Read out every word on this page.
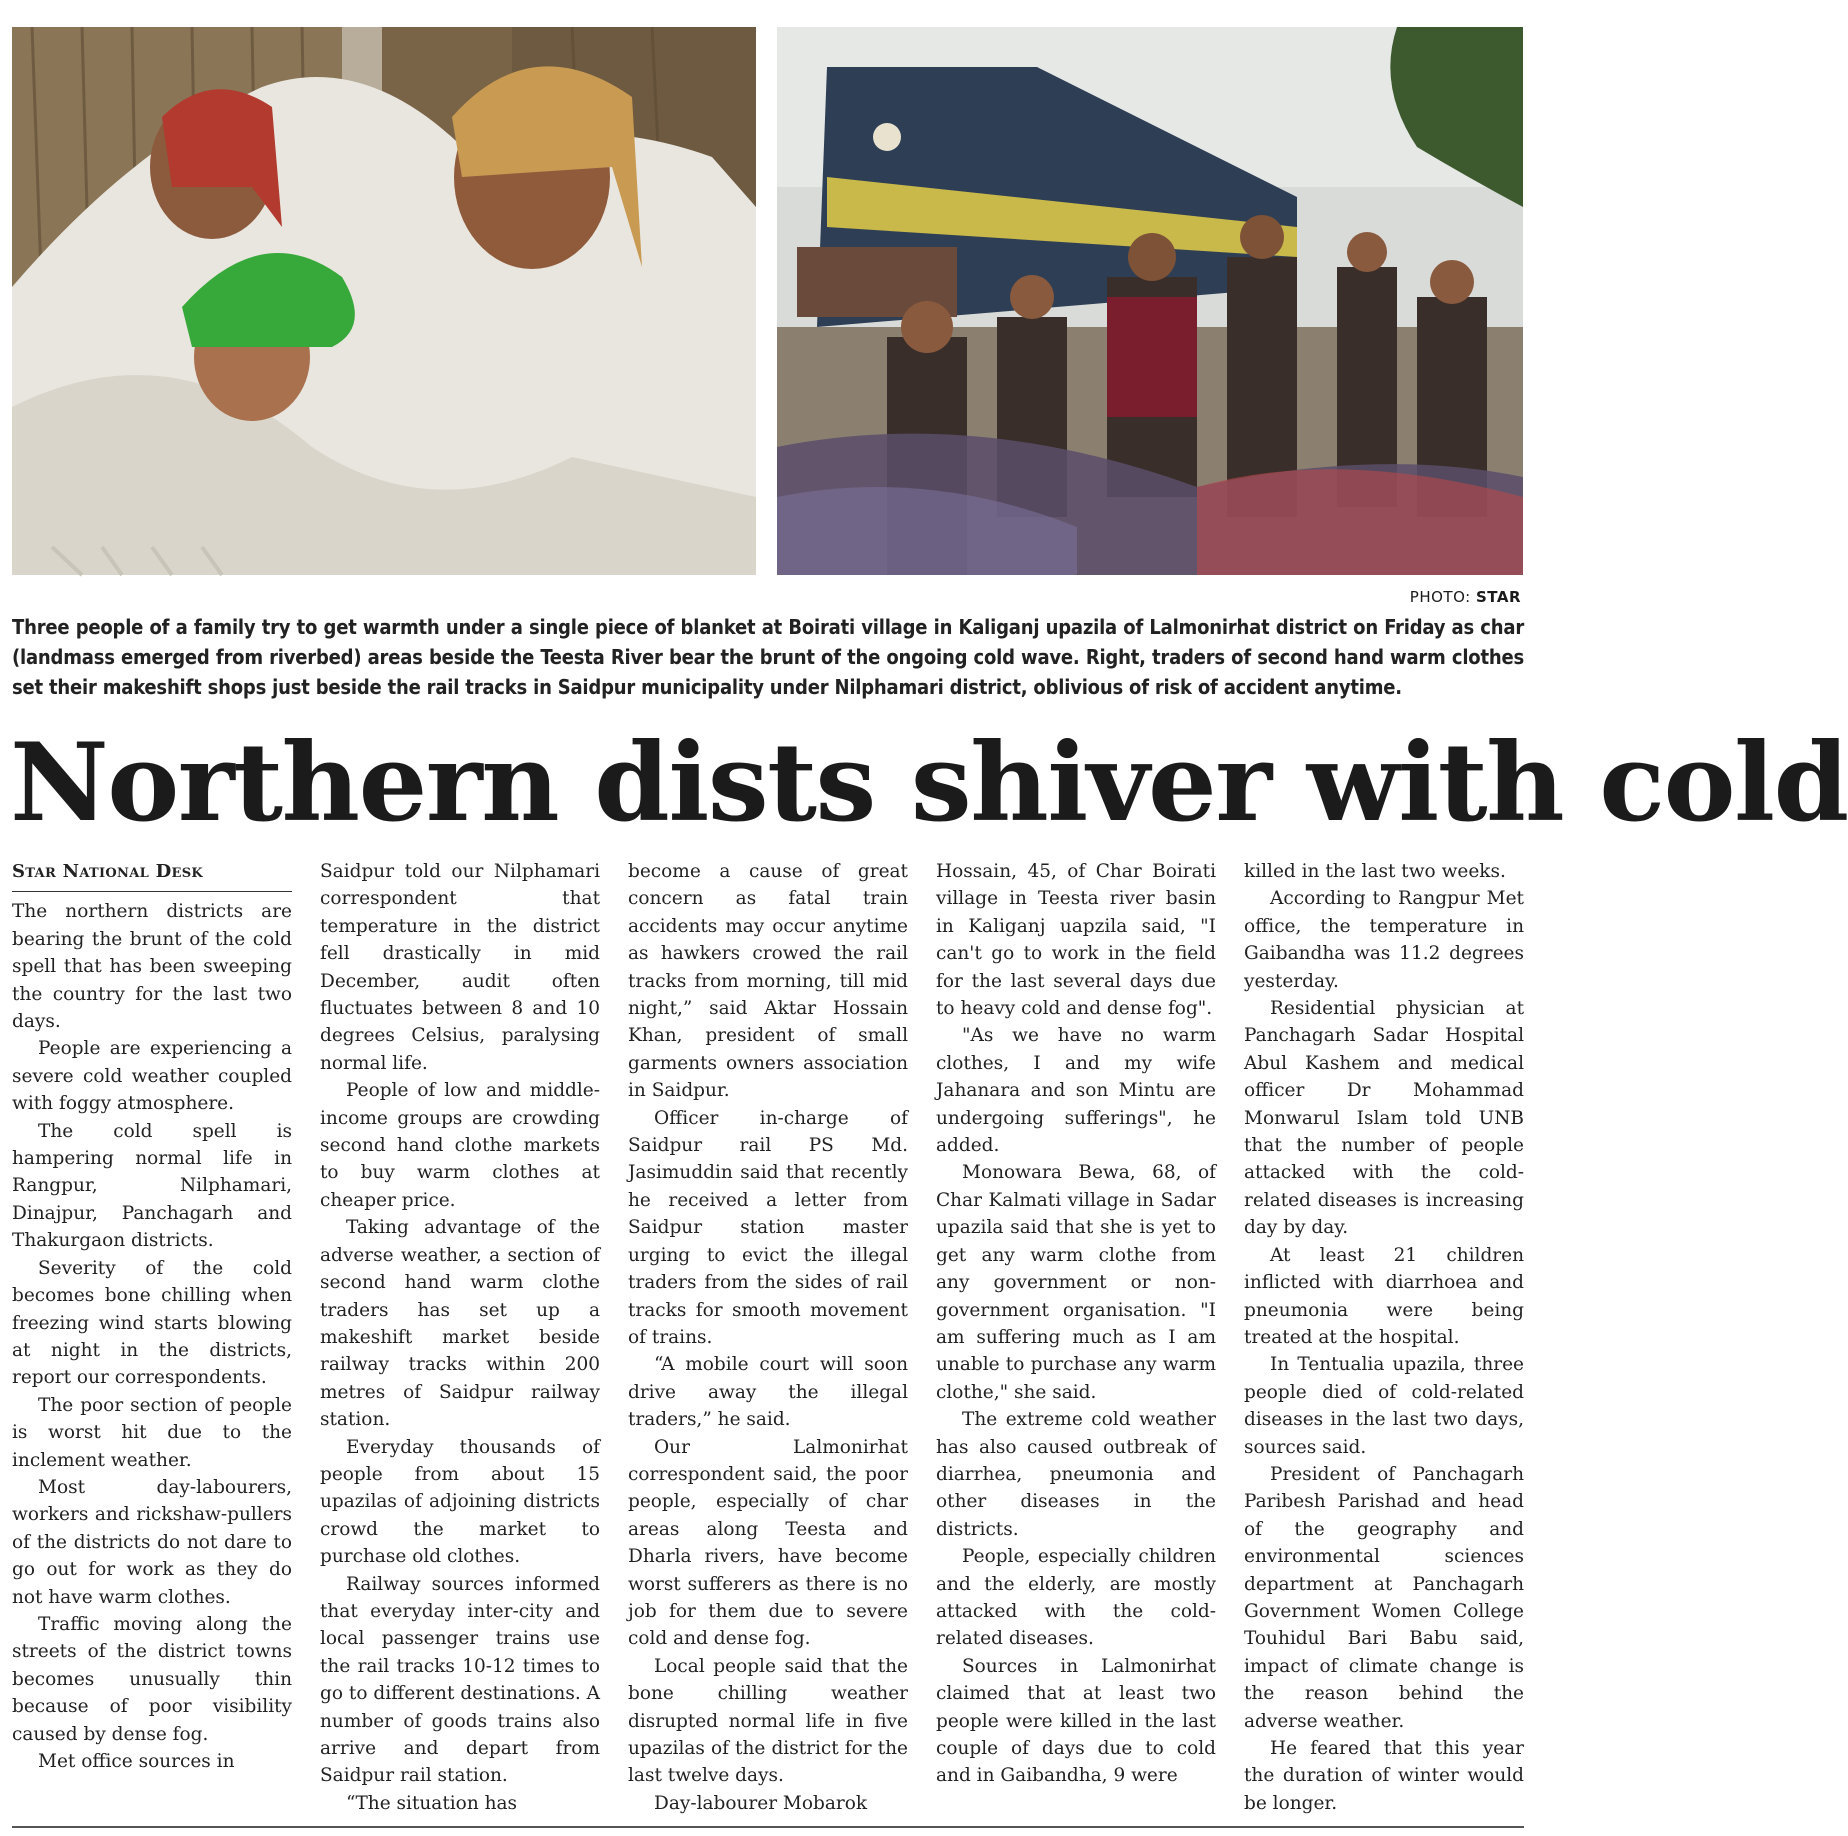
PHOTO: STAR
Three people of a family try to get warmth under a single piece of blanket at Boirati village in Kaliganj upazila of Lalmonirhat district on Friday as char (landmass emerged from riverbed) areas beside the Teesta River bear the brunt of the ongoing cold wave. Right, traders of second hand warm clothes set their makeshift shops just beside the rail tracks in Saidpur municipality under Nilphamari district, oblivious of risk of accident anytime.
Northern dists shiver with cold
Star National Desk

The northern districts are bearing the brunt of the cold spell that has been sweeping the country for the last two days.

People are experiencing a severe cold weather coupled with foggy atmosphere.

The cold spell is hampering normal life in Rangpur, Nilphamari, Dinajpur, Panchagarh and Thakurgaon districts.

Severity of the cold becomes bone chilling when freezing wind starts blowing at night in the districts, report our correspondents.

The poor section of people is worst hit due to the inclement weather.

Most day-labourers, workers and rickshaw-pullers of the districts do not dare to go out for work as they do not have warm clothes.

Traffic moving along the streets of the district towns becomes unusually thin because of poor visibility caused by dense fog.

Met office sources in

Saidpur told our Nilphamari correspondent that temperature in the district fell drastically in mid December, audit often fluctuates between 8 and 10 degrees Celsius, paralysing normal life.

People of low and middle-income groups are crowding second hand clothe markets to buy warm clothes at cheaper price.

Taking advantage of the adverse weather, a section of second hand warm clothe traders has set up a makeshift market beside railway tracks within 200 metres of Saidpur railway station.

Everyday thousands of people from about 15 upazilas of adjoining districts crowd the market to purchase old clothes.

Railway sources informed that everyday inter-city and local passenger trains use the rail tracks 10-12 times to go to different destinations. A number of goods trains also arrive and depart from Saidpur rail station.

“The situation has

become a cause of great concern as fatal train accidents may occur anytime as hawkers crowed the rail tracks from morning, till mid night,” said Aktar Hossain Khan, president of small garments owners association in Saidpur.

Officer in-charge of Saidpur rail PS Md. Jasimuddin said that recently he received a letter from Saidpur station master urging to evict the illegal traders from the sides of rail tracks for smooth movement of trains.

“A mobile court will soon drive away the illegal traders,” he said.

Our Lalmonirhat correspondent said, the poor people, especially of char areas along Teesta and Dharla rivers, have become worst sufferers as there is no job for them due to severe cold and dense fog.

Local people said that the bone chilling weather disrupted normal life in five upazilas of the district for the last twelve days.

Day-labourer Mobarok

Hossain, 45, of Char Boirati village in Teesta river basin in Kaliganj uapzila said, "I can't go to work in the field for the last several days due to heavy cold and dense fog".

"As we have no warm clothes, I and my wife Jahanara and son Mintu are undergoing sufferings", he added.

Monowara Bewa, 68, of Char Kalmati village in Sadar upazila said that she is yet to get any warm clothe from any government or non-government organisation. "I am suffering much as I am unable to purchase any warm clothe," she said.

The extreme cold weather has also caused outbreak of diarrhea, pneumonia and other diseases in the districts.

People, especially children and the elderly, are mostly attacked with the cold-related diseases.

Sources in Lalmonirhat claimed that at least two people were killed in the last couple of days due to cold and in Gaibandha, 9 were

killed in the last two weeks.

According to Rangpur Met office, the temperature in Gaibandha was 11.2 degrees yesterday.

Residential physician at Panchagarh Sadar Hospital Abul Kashem and medical officer Dr Mohammad Monwarul Islam told UNB that the number of people attacked with the cold-related diseases is increasing day by day.

At least 21 children inflicted with diarrhoea and pneumonia were being treated at the hospital.

In Tentualia upazila, three people died of cold-related diseases in the last two days, sources said.

President of Panchagarh Paribesh Parishad and head of the geography and environmental sciences department at Panchagarh Government Women College Touhidul Bari Babu said, impact of climate change is the reason behind the adverse weather.

He feared that this year the duration of winter would be longer.
